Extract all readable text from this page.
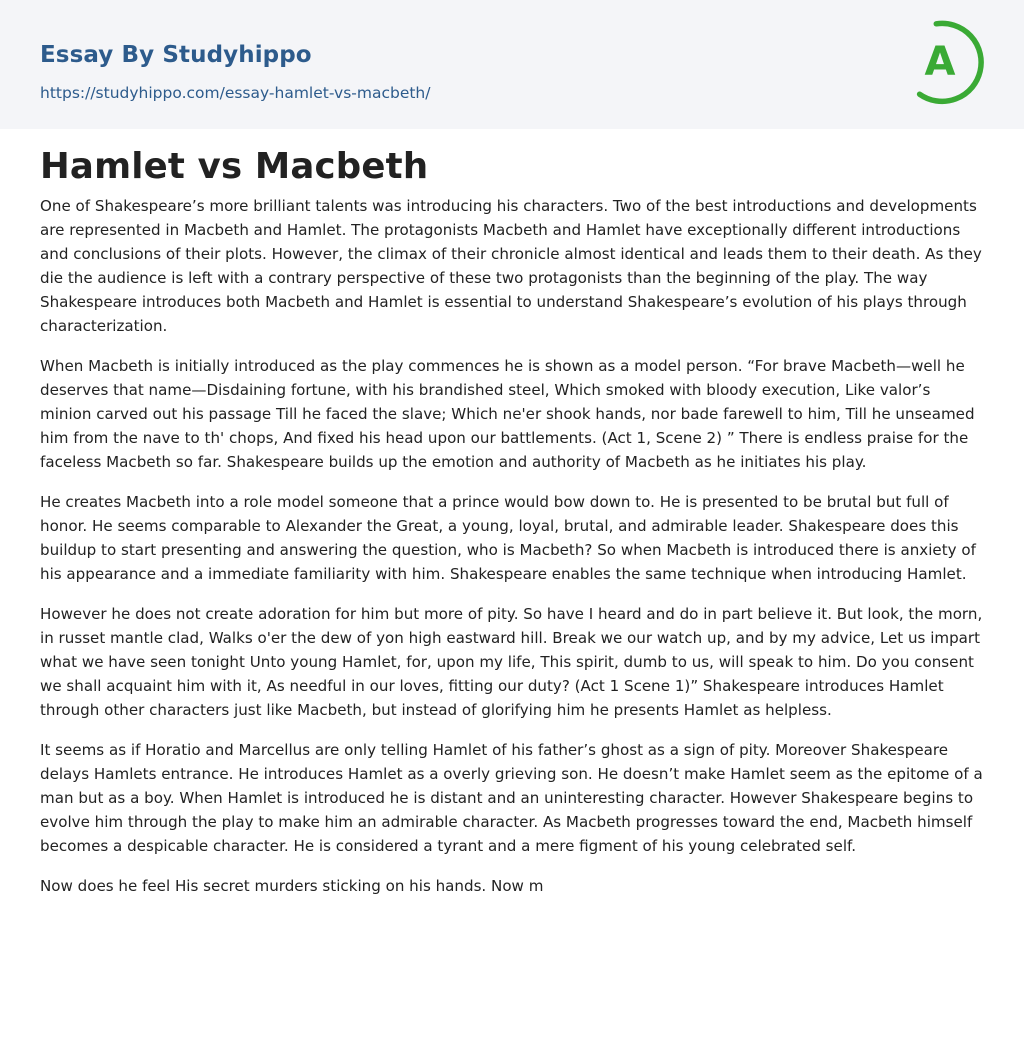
Essay By Studyhippo
https://studyhippo.com/essay-hamlet-vs-macbeth/
A
Hamlet vs Macbeth

One of Shakespeare’s more brilliant talents was introducing his characters. Two of the best introductions and developments are represented in Macbeth and Hamlet. The protagonists Macbeth and Hamlet have exceptionally different introductions and conclusions of their plots. However, the climax of their chronicle almost identical and leads them to their death. As they die the audience is left with a contrary perspective of these two protagonists than the beginning of the play. The way Shakespeare introduces both Macbeth and Hamlet is essential to understand Shakespeare’s evolution of his plays through characterization.

When Macbeth is initially introduced as the play commences he is shown as a model person. “For brave Macbeth—well he deserves that name—Disdaining fortune, with his brandished steel, Which smoked with bloody execution, Like valor’s minion carved out his passage Till he faced the slave; Which ne'er shook hands, nor bade farewell to him, Till he unseamed him from the nave to th' chops, And fixed his head upon our battlements. (Act 1, Scene 2) ” There is endless praise for the faceless Macbeth so far. Shakespeare builds up the emotion and authority of Macbeth as he initiates his play.

He creates Macbeth into a role model someone that a prince would bow down to. He is presented to be brutal but full of honor. He seems comparable to Alexander the Great, a young, loyal, brutal, and admirable leader. Shakespeare does this buildup to start presenting and answering the question, who is Macbeth? So when Macbeth is introduced there is anxiety of his appearance and a immediate familiarity with him. Shakespeare enables the same technique when introducing Hamlet.

However he does not create adoration for him but more of pity. So have I heard and do in part believe it. But look, the morn, in russet mantle clad, Walks o'er the dew of yon high eastward hill. Break we our watch up, and by my advice, Let us impart what we have seen tonight Unto young Hamlet, for, upon my life, This spirit, dumb to us, will speak to him. Do you consent we shall acquaint him with it, As needful in our loves, fitting our duty? (Act 1 Scene 1)” Shakespeare introduces Hamlet through other characters just like Macbeth, but instead of glorifying him he presents Hamlet as helpless.

It seems as if Horatio and Marcellus are only telling Hamlet of his father’s ghost as a sign of pity. Moreover Shakespeare delays Hamlets entrance. He introduces Hamlet as a overly grieving son. He doesn’t make Hamlet seem as the epitome of a man but as a boy. When Hamlet is introduced he is distant and an uninteresting character. However Shakespeare begins to evolve him through the play to make him an admirable character. As Macbeth progresses toward the end, Macbeth himself becomes a despicable character. He is considered a tyrant and a mere figment of his young celebrated self.

Now does he feel His secret murders sticking on his hands. Now m
